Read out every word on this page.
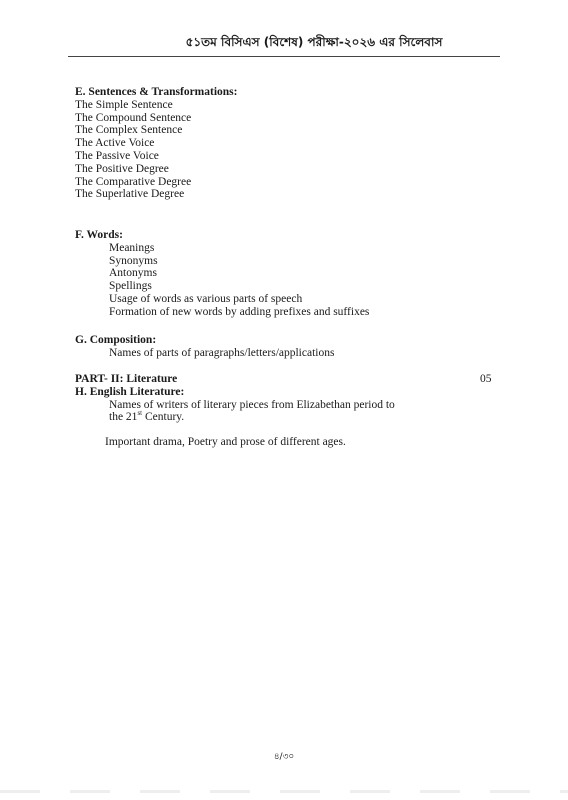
৫১তম বিসিএস (বিশেষ) পরীক্ষা-২০২৬ এর সিলেবাস
E. Sentences & Transformations:
The Simple Sentence
The Compound Sentence
The Complex Sentence
The Active Voice
The Passive Voice
The Positive Degree
The Comparative Degree
The Superlative Degree
F. Words:
Meanings
Synonyms
Antonyms
Spellings
Usage of words as various parts of speech
Formation of new words by adding prefixes and suffixes
G. Composition:
Names of parts of paragraphs/letters/applications
PART- II: Literature
H. English Literature:
Names of writers of literary pieces from Elizabethan period to
the 21st Century.
Important drama, Poetry and prose of different ages.
05
৪/৩০
